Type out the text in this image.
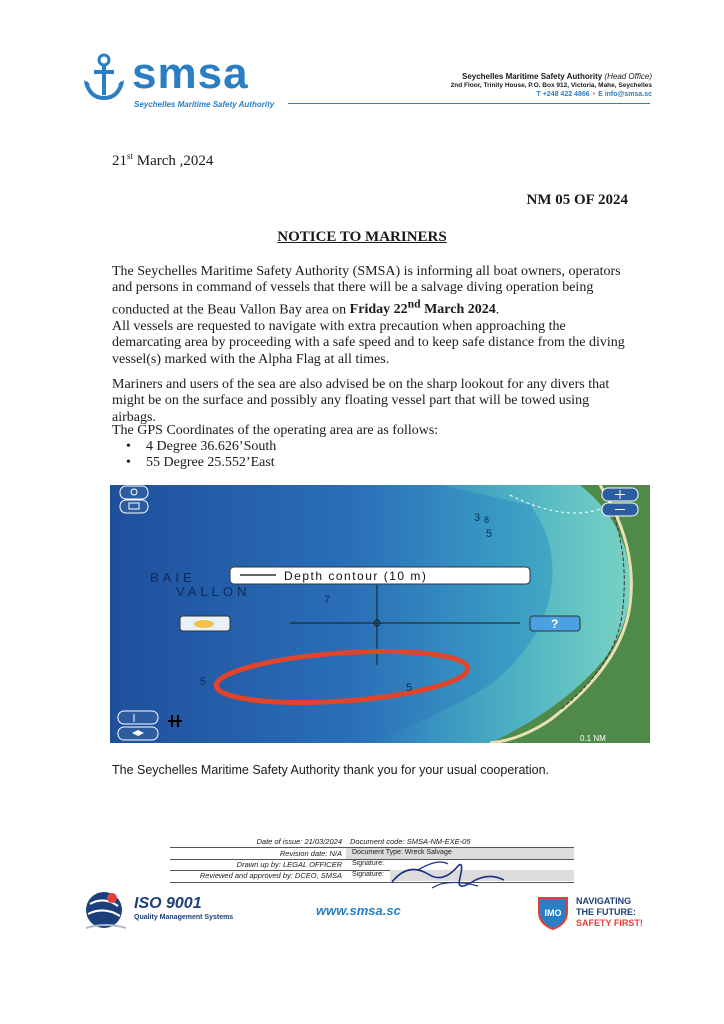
smsa
Seychelles Maritime Safety Authority
Seychelles Maritime Safety Authority (Head Office)
2nd Floor, Trinity House, P.O. Box 912, Victoria, Mahe, Seychelles
T +248 422 4866 • E info@smsa.sc
21st March ,2024
NM 05 OF 2024
NOTICE TO MARINERS
The Seychelles Maritime Safety Authority (SMSA) is informing all boat owners, operators and persons in command of vessels that there will be a salvage diving operation being conducted at the Beau Vallon Bay area on Friday 22nd March 2024.
All vessels are requested to navigate with extra precaution when approaching the demarcating area by proceeding with a safe speed and to keep safe distance from the diving vessel(s) marked with the Alpha Flag at all times.
Mariners and users of the sea are also advised be on the sharp lookout for any divers that might be on the surface and possibly any floating vessel part that will be towed using airbags.
The GPS Coordinates of the operating area are as follows:
• 4 Degree 36.626’South
• 55 Degree 25.552’East
BAIE
VALLON
7
5	5
3 8
5
Depth contour (10 m)
?
0.1 NM
The Seychelles Maritime Safety Authority thank you for your usual cooperation.
Date of issue: 21/03/2024 Document code: SMSA-NM-EXE-05
Revision date: N/A Document Type: Wreck Salvage
Drawn up by: LEGAL OFFICER Signature:
Reviewed and approved by: DCEO, SMSA Signature:
ISO 9001
Quality Management Systems	www.smsa.sc	IMO
NAVIGATING
THE FUTURE:
SAFETY FIRST!
